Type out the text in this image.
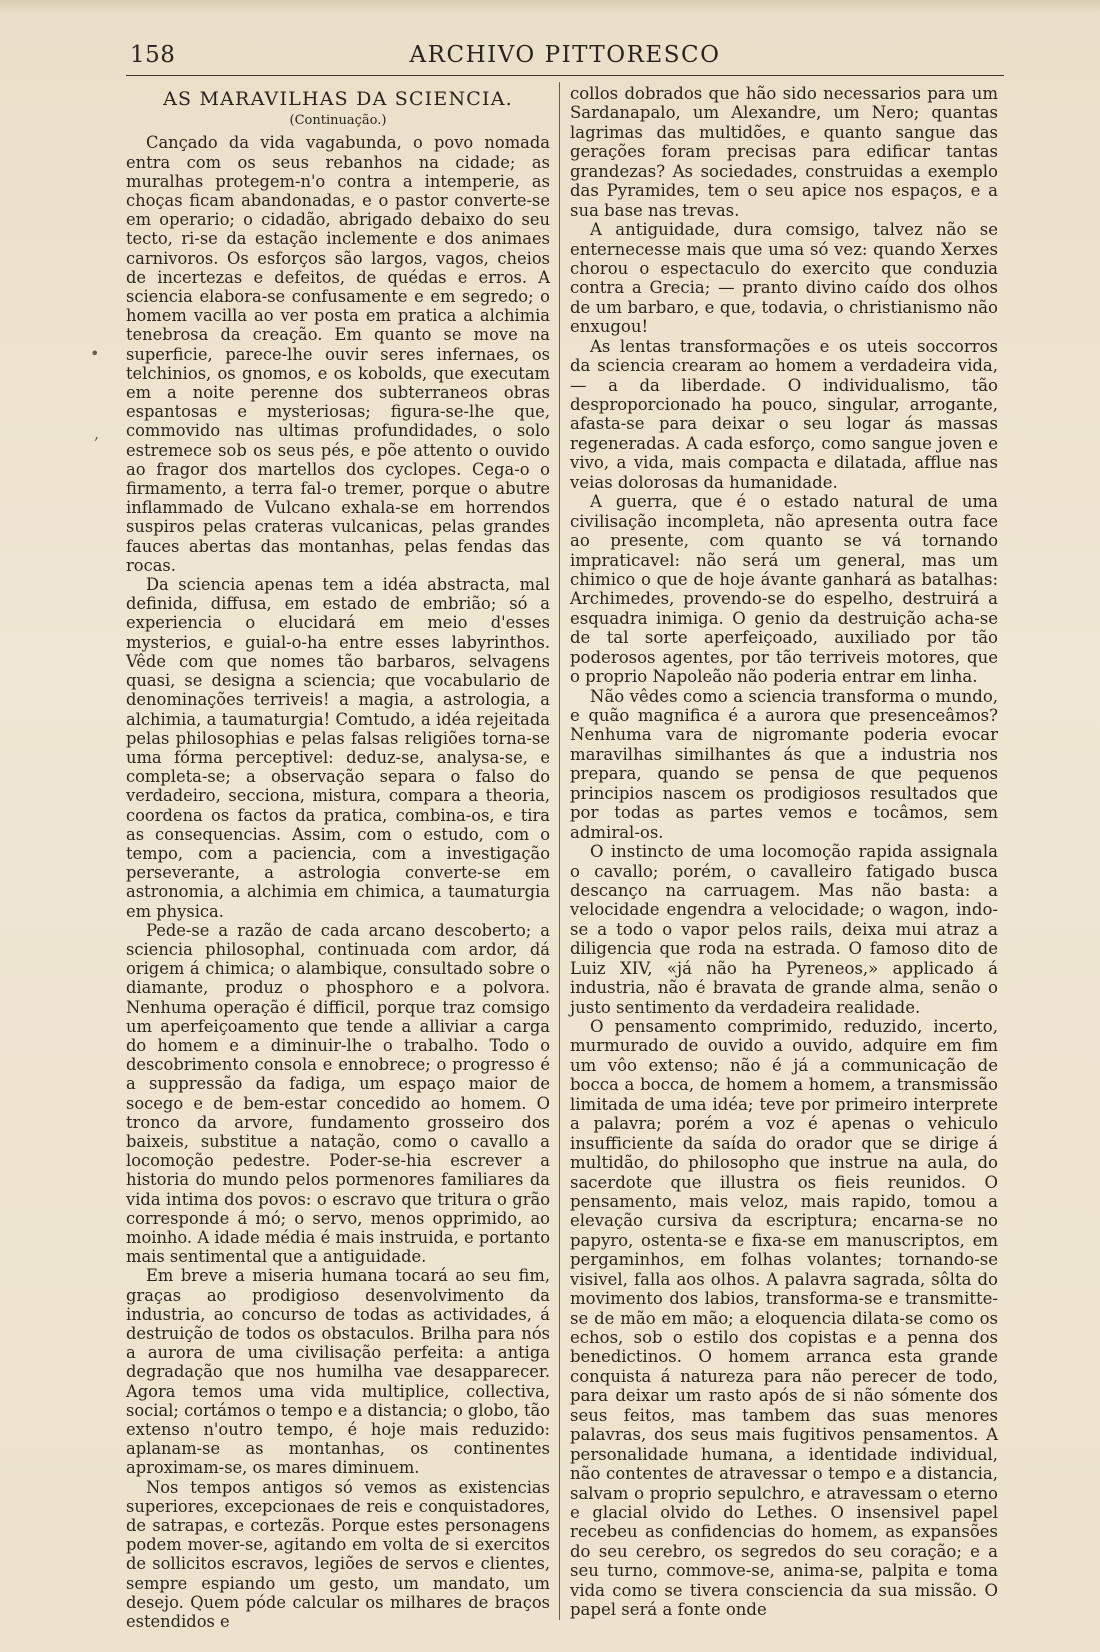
158	ARCHIVO PITTORESCO
•
,
AS MARAVILHAS DA SCIENCIA.
(Continuação.)

Cançado da vida vagabunda, o povo nomada entra com os seus rebanhos na cidade; as muralhas protegem-n'o contra a intemperie, as choças ficam abandonadas, e o pastor converte-se em operario; o cidadão, abrigado debaixo do seu tecto, ri-se da estação inclemente e dos animaes carnivoros. Os esforços são largos, vagos, cheios de incertezas e defeitos, de quédas e erros. A sciencia elabora-se confusamente e em segredo; o homem vacilla ao ver posta em pratica a alchimia tenebrosa da creação. Em quanto se move na superficie, parece-lhe ouvir seres infernaes, os telchinios, os gnomos, e os kobolds, que executam em a noite perenne dos subterraneos obras espantosas e mysteriosas; figura-se-lhe que, commovido nas ultimas profundidades, o solo estremece sob os seus pés, e põe attento o ouvido ao fragor dos martellos dos cyclopes. Cega-o o firmamento, a terra fal-o tremer, porque o abutre inflammado de Vulcano exhala-se em horrendos suspiros pelas crateras vulcanicas, pelas grandes fauces abertas das montanhas, pelas fendas das rocas.

Da sciencia apenas tem a idéa abstracta, mal definida, diffusa, em estado de embrião; só a experiencia o elucidará em meio d'esses mysterios, e guial-o-ha entre esses labyrinthos. Vêde com que nomes tão barbaros, selvagens quasi, se designa a sciencia; que vocabulario de denominações terriveis! a magia, a astrologia, a alchimia, a taumaturgia! Comtudo, a idéa rejeitada pelas philosophias e pelas falsas religiões torna-se uma fórma perceptivel: deduz-se, analysa-se, e completa-se; a observação separa o falso do verdadeiro, secciona, mistura, compara a theoria, coordena os factos da pratica, combina-os, e tira as consequencias. Assim, com o estudo, com o tempo, com a paciencia, com a investigação perseverante, a astrologia converte-se em astronomia, a alchimia em chimica, a taumaturgia em physica.

Pede-se a razão de cada arcano descoberto; a sciencia philosophal, continuada com ardor, dá origem á chimica; o alambique, consultado sobre o diamante, produz o phosphoro e a polvora. Nenhuma operação é difficil, porque traz comsigo um aperfeiçoamento que tende a alliviar a carga do homem e a diminuir-lhe o trabalho. Todo o descobrimento consola e ennobrece; o progresso é a suppressão da fadiga, um espaço maior de socego e de bem-estar concedido ao homem. O tronco da arvore, fundamento grosseiro dos baixeis, substitue a natação, como o cavallo a locomoção pedestre. Poder-se-hia escrever a historia do mundo pelos pormenores familiares da vida intima dos povos: o escravo que tritura o grão corresponde á mó; o servo, menos opprimido, ao moinho. A idade média é mais instruida, e portanto mais sentimental que a antiguidade.

Em breve a miseria humana tocará ao seu fim, graças ao prodigioso desenvolvimento da industria, ao concurso de todas as actividades, á destruição de todos os obstaculos. Brilha para nós a aurora de uma civilisação perfeita: a antiga degradação que nos humilha vae desapparecer. Agora temos uma vida multiplice, collectiva, social; cortámos o tempo e a distancia; o globo, tão extenso n'outro tempo, é hoje mais reduzido: aplanam-se as montanhas, os continentes aproximam-se, os mares diminuem.

Nos tempos antigos só vemos as existencias superiores, excepcionaes de reis e conquistadores, de satrapas, e cortezãs. Porque estes personagens podem mover-se, agitando em volta de si exercitos de sollicitos escravos, legiões de servos e clientes, sempre espiando um gesto, um mandato, um desejo. Quem póde calcular os milhares de braços estendidos e

collos dobrados que hão sido necessarios para um Sardanapalo, um Alexandre, um Nero; quantas lagrimas das multidões, e quanto sangue das gerações foram precisas para edificar tantas grandezas? As sociedades, construidas a exemplo das Pyramides, tem o seu apice nos espaços, e a sua base nas trevas.

A antiguidade, dura comsigo, talvez não se enternecesse mais que uma só vez: quando Xerxes chorou o espectaculo do exercito que conduzia contra a Grecia; — pranto divino caído dos olhos de um barbaro, e que, todavia, o christianismo não enxugou!

As lentas transformações e os uteis soccorros da sciencia crearam ao homem a verdadeira vida, — a da liberdade. O individualismo, tão desproporcionado ha pouco, singular, arrogante, afasta-se para deixar o seu logar ás massas regeneradas. A cada esforço, como sangue joven e vivo, a vida, mais compacta e dilatada, afflue nas veias dolorosas da humanidade.

A guerra, que é o estado natural de uma civilisação incompleta, não apresenta outra face ao presente, com quanto se vá tornando impraticavel: não será um general, mas um chimico o que de hoje ávante ganhará as batalhas: Archimedes, provendo-se do espelho, destruirá a esquadra inimiga. O genio da destruição acha-se de tal sorte aperfeiçoado, auxiliado por tão poderosos agentes, por tão terriveis motores, que o proprio Napoleão não poderia entrar em linha.

Não vêdes como a sciencia transforma o mundo, e quão magnifica é a aurora que presenceâmos? Nenhuma vara de nigromante poderia evocar maravilhas similhantes ás que a industria nos prepara, quando se pensa de que pequenos principios nascem os prodigiosos resultados que por todas as partes vemos e tocâmos, sem admiral-os.

O instincto de uma locomoção rapida assignala o cavallo; porém, o cavalleiro fatigado busca descanço na carruagem. Mas não basta: a velocidade engendra a velocidade; o wagon, indo-se a todo o vapor pelos rails, deixa mui atraz a diligencia que roda na estrada. O famoso dito de Luiz XIV, «já não ha Pyreneos,» applicado á industria, não é bravata de grande alma, senão o justo sentimento da verdadeira realidade.

O pensamento comprimido, reduzido, incerto, murmurado de ouvido a ouvido, adquire em fim um vôo extenso; não é já a communicação de bocca a bocca, de homem a homem, a transmissão limitada de uma idéa; teve por primeiro interprete a palavra; porém a voz é apenas o vehiculo insufficiente da saída do orador que se dirige á multidão, do philosopho que instrue na aula, do sacerdote que illustra os fieis reunidos. O pensamento, mais veloz, mais rapido, tomou a elevação cursiva da escriptura; encarna-se no papyro, ostenta-se e fixa-se em manuscriptos, em pergaminhos, em folhas volantes; tornando-se visivel, falla aos olhos. A palavra sagrada, sôlta do movimento dos labios, transforma-se e transmitte-se de mão em mão; a eloquencia dilata-se como os echos, sob o estilo dos copistas e a penna dos benedictinos. O homem arranca esta grande conquista á natureza para não perecer de todo, para deixar um rasto após de si não sómente dos seus feitos, mas tambem das suas menores palavras, dos seus mais fugitivos pensamentos. A personalidade humana, a identidade individual, não contentes de atravessar o tempo e a distancia, salvam o proprio sepulchro, e atravessam o eterno e glacial olvido do Lethes. O insensivel papel recebeu as confidencias do homem, as expansões do seu cerebro, os segredos do seu coração; e a seu turno, commove-se, anima-se, palpita e toma vida como se tivera consciencia da sua missão. O papel será a fonte onde
